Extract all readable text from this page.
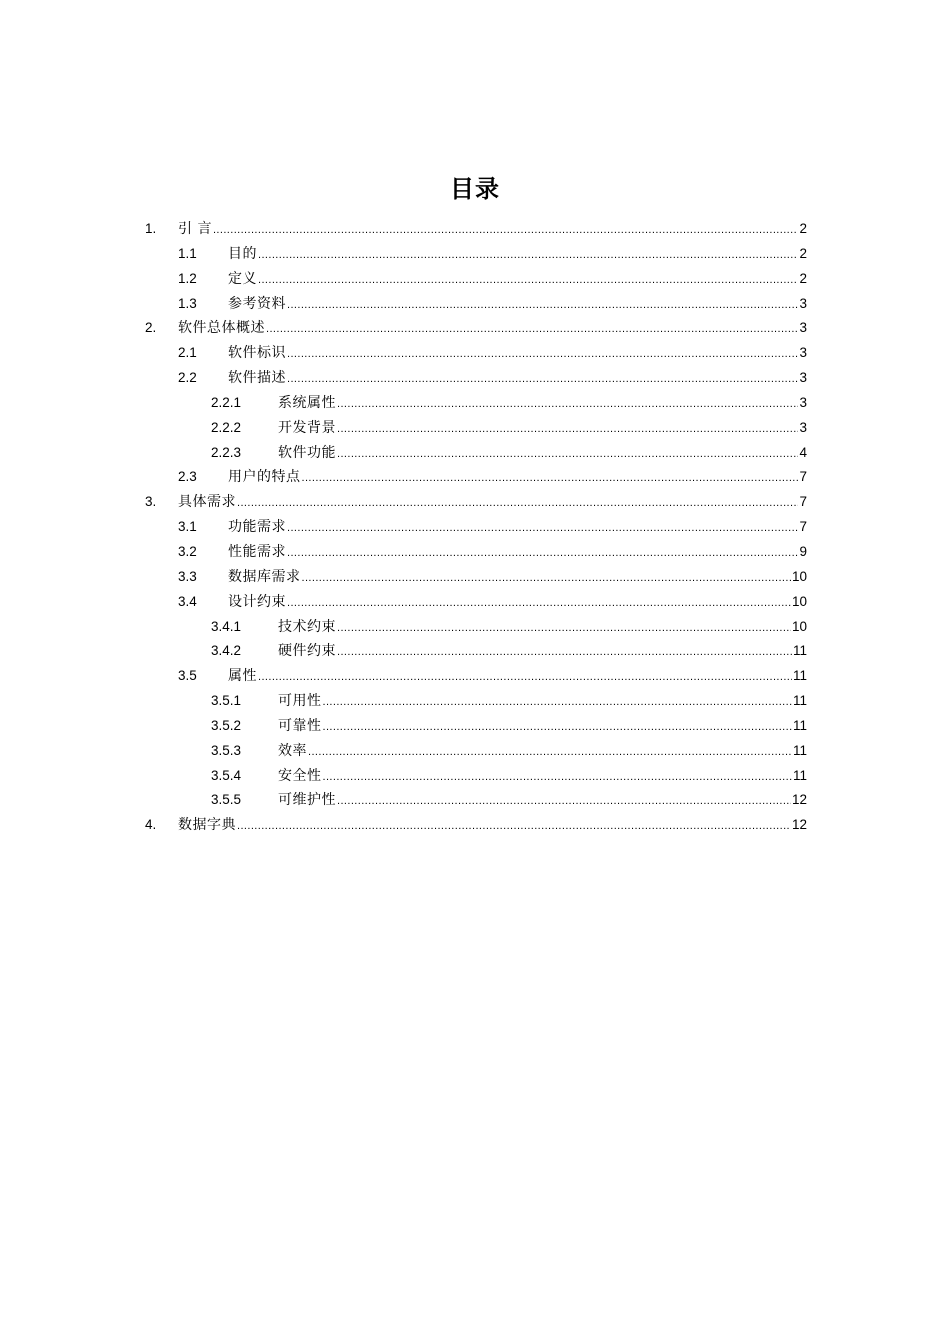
目录
1.	引 言 .....	2
1.1	目的 .....	2
1.2	定义 .....	2
1.3	参考资料 .....	3
2.	软件总体概述 .....	3
2.1	软件标识 .....	3
2.2	软件描述 .....	3
2.2.1	系统属性 .....	3
2.2.2	开发背景 .....	3
2.2.3	软件功能 .....	4
2.3	用户的特点 .....	7
3.	具体需求 .....	7
3.1	功能需求 .....	7
3.2	性能需求 .....	9
3.3	数据库需求 .....	10
3.4	设计约束 .....	10
3.4.1	技术约束 .....	10
3.4.2	硬件约束 .....	11
3.5	属性 .....	11
3.5.1	可用性 .....	11
3.5.2	可靠性 .....	11
3.5.3	效率 .....	11
3.5.4	安全性 .....	11
3.5.5	可维护性 .....	12
4.	数据字典 .....	12
